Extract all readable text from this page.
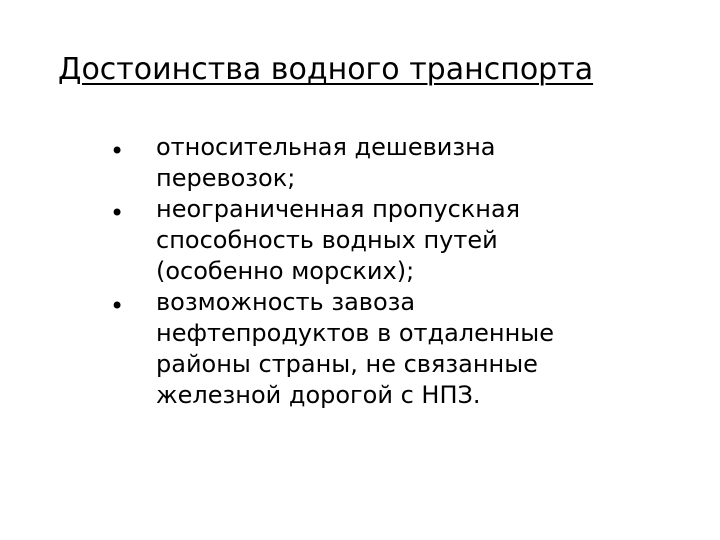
Достоинства водного транспорта
• относительная дешевизна
перевозок;
• неограниченная пропускная
способность водных путей
(особенно морских);
• возможность завоза
нефтепродуктов в отдаленные
районы страны, не связанные
железной дорогой с НПЗ.
